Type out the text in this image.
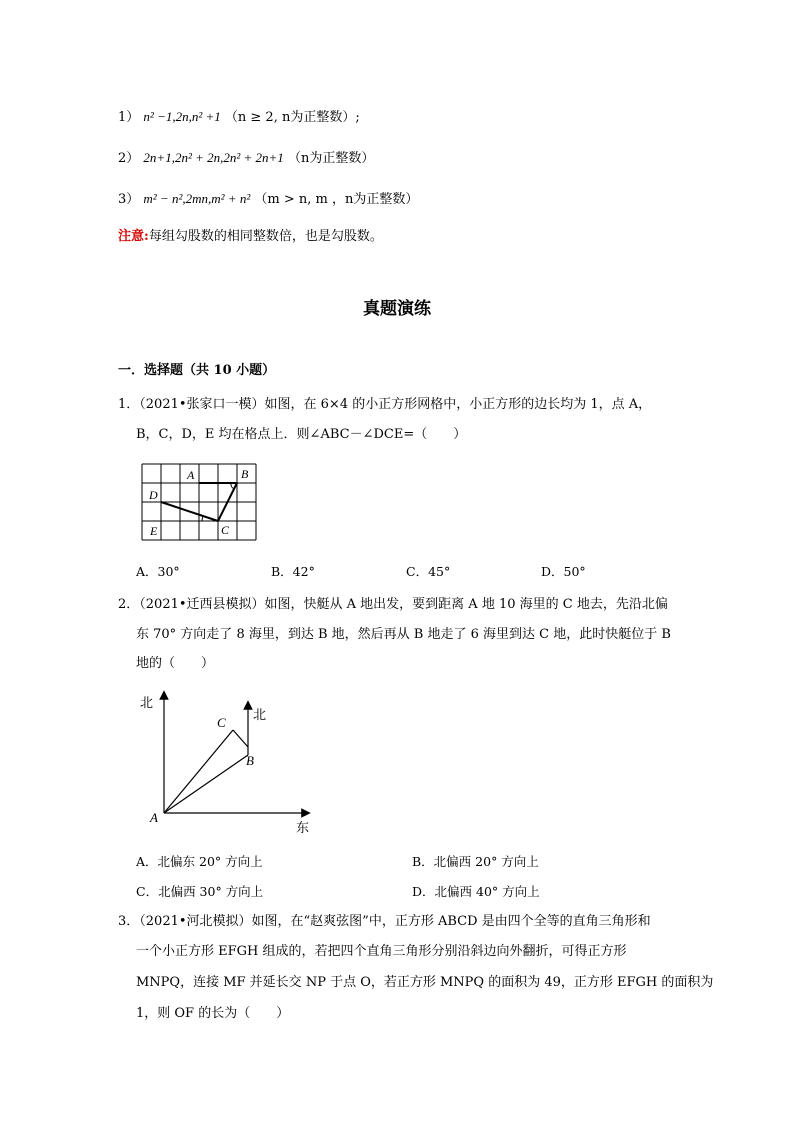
1） n² −1,2n,n² +1 （n ≥ 2, n为正整数）;
2） 2n+1,2n² + 2n,2n² + 2n+1 （n为正整数）
3） m² − n²,2mn,m² + n² （m > n, m ，n为正整数）
注意:每组勾股数的相同整数倍，也是勾股数。
真题演练
一．选择题（共 10 小题）
1．（2021•张家口一模）如图，在 6×4 的小正方形网格中，小正方形的边长均为 1，点 A，
B，C，D，E 均在格点上．则∠ABC－∠DCE=（　　）
A	B
C
D
E
A．30°	B．42°	C．45°	D．50°
2．（2021•迁西县模拟）如图，快艇从 A 地出发，要到距离 A 地 10 海里的 C 地去，先沿北偏
东 70° 方向走了 8 海里，到达 B 地，然后再从 B 地走了 6 海里到达 C 地，此时快艇位于 B
地的（　　）
北
北
东
A
B
C
A．北偏东 20° 方向上	B．北偏西 20° 方向上
C．北偏西 30° 方向上	D．北偏西 40° 方向上
3．（2021•河北模拟）如图，在“赵爽弦图”中，正方形 ABCD 是由四个全等的直角三角形和
一个小正方形 EFGH 组成的，若把四个直角三角形分别沿斜边向外翻折，可得正方形
MNPQ，连接 MF 并延长交 NP 于点 O，若正方形 MNPQ 的面积为 49，正方形 EFGH 的面积为
1，则 OF 的长为（　　）
